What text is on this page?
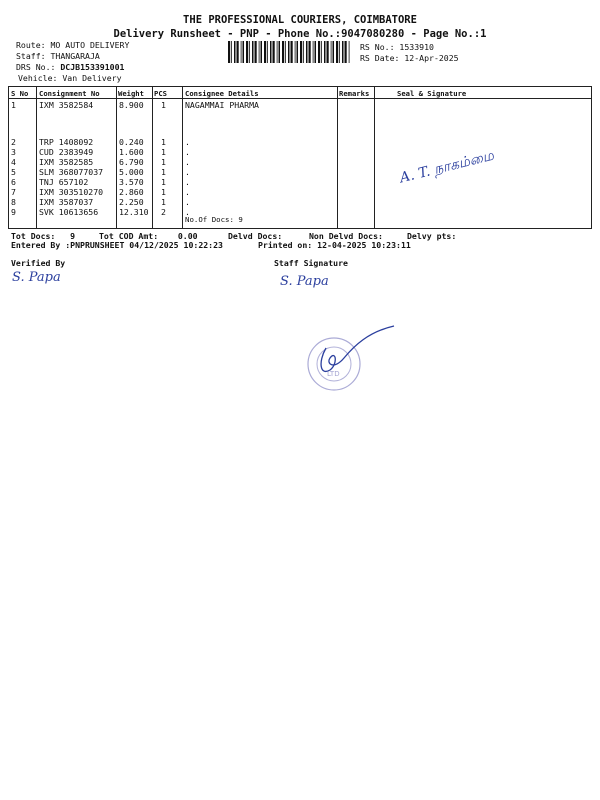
THE PROFESSIONAL COURIERS, COIMBATORE
Delivery Runsheet - PNP - Phone No.:9047080280 - Page No.:1
Route: MO AUTO DELIVERY
Staff: THANGARAJA
DRS No.: DCJB153391001
Vehicle: Van Delivery
RS No.: 1533910
RS Date: 12-Apr-2025
S No Consignment No	Weight PCS	Consignee Details	Remarks	Seal & Signature
1	IXM 3582584	8.900 1 NAGAMMAI PHARMA
2	TRP 1408092	0.240 1 .
3	CUD 2383949	1.600 1 .
4	IXM 3582585	6.790 1 .
5	SLM 368077037 5.000 1 .
6	TNJ 657102	3.570 1 .
7	IXM 303510270 2.860 1 .
8	IXM 3587037	2.250 1 .
9	SVK 10613656	12.310 2 .
No.Of Docs: 9
A. T. நாகம்மை
Tot Docs:   9	Tot COD Amt:    0.00	Delvd Docs:	Non Delvd Docs:	Delvy pts:
Entered By :PNPRUNSHEET 04/12/2025 10:22:23	Printed on: 12-04-2025 10:23:11
Verified By	Staff Signature
S. Papa	S. Papa
LTD
